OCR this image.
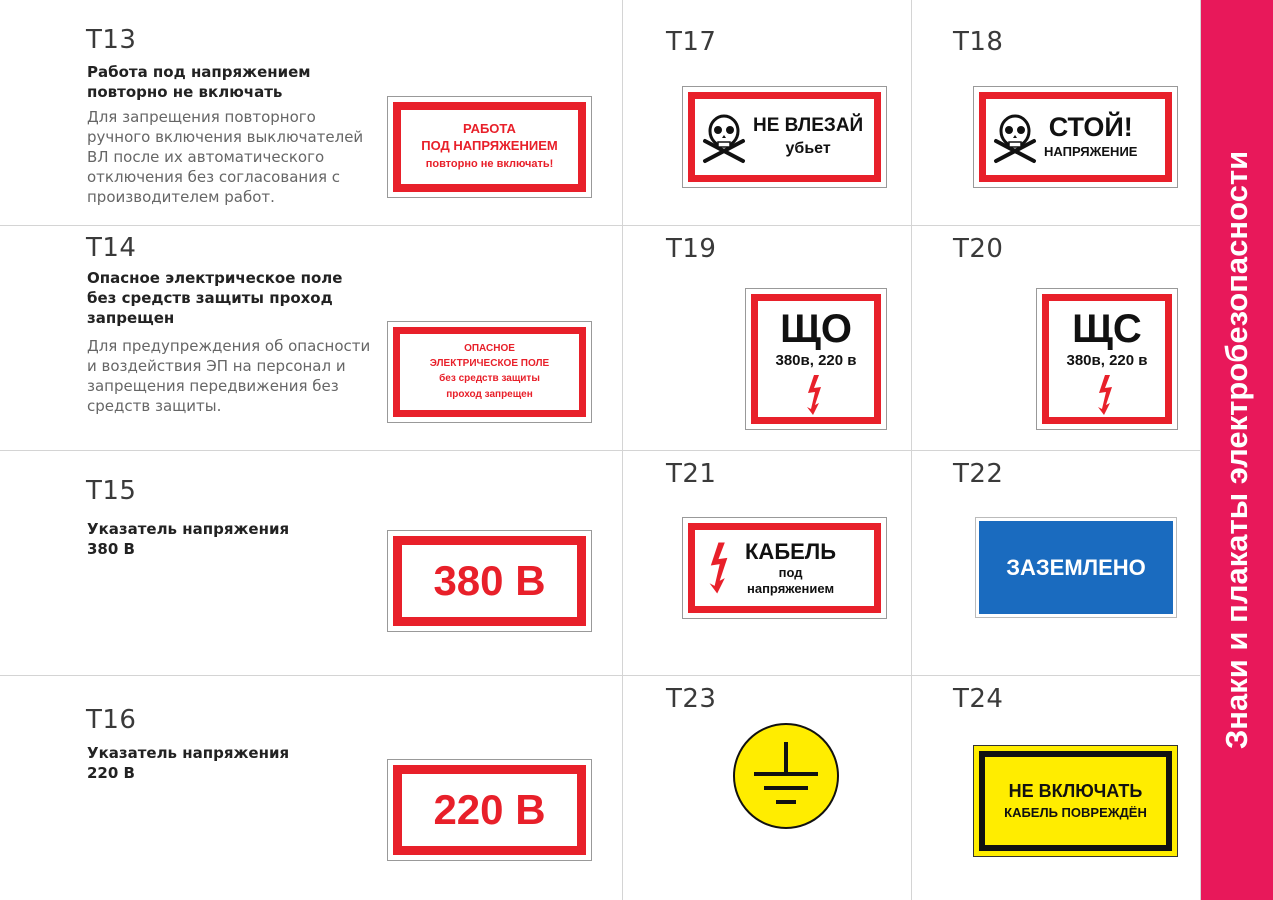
Т13
Работа под напряжением повторно не включать
Для запрещения повторного ручного включения выключателей ВЛ после их автоматического отключения без согласования с производителем работ.
РАБОТА
ПОД НАПРЯЖЕНИЕМ
повторно не включать!
Т14
Опасное электрическое поле без средств защиты проход запрещен
Для предупреждения об опасности и воздействия ЭП на персонал и запрещения передвижения без средств защиты.
ОПАСНОЕ
ЭЛЕКТРИЧЕСКОЕ ПОЛЕ
без средств защиты
проход запрещен
Т15
Указатель напряжения 380 В
380 В
Т16
Указатель напряжения 220 В
220 В
Т17
НЕ ВЛЕЗАЙ
убьет
Т18
СТОЙ!
НАПРЯЖЕНИЕ
Т19
ЩО
380в, 220 в
Т20
ЩС
380в, 220 в
Т21
КАБЕЛЬ
под
напряжением
Т22
ЗАЗЕМЛЕНО
Т23	Т24
НЕ ВКЛЮЧАТЬ
КАБЕЛЬ ПОВРЕЖДЁН
Знаки и плакаты электробезопасности
